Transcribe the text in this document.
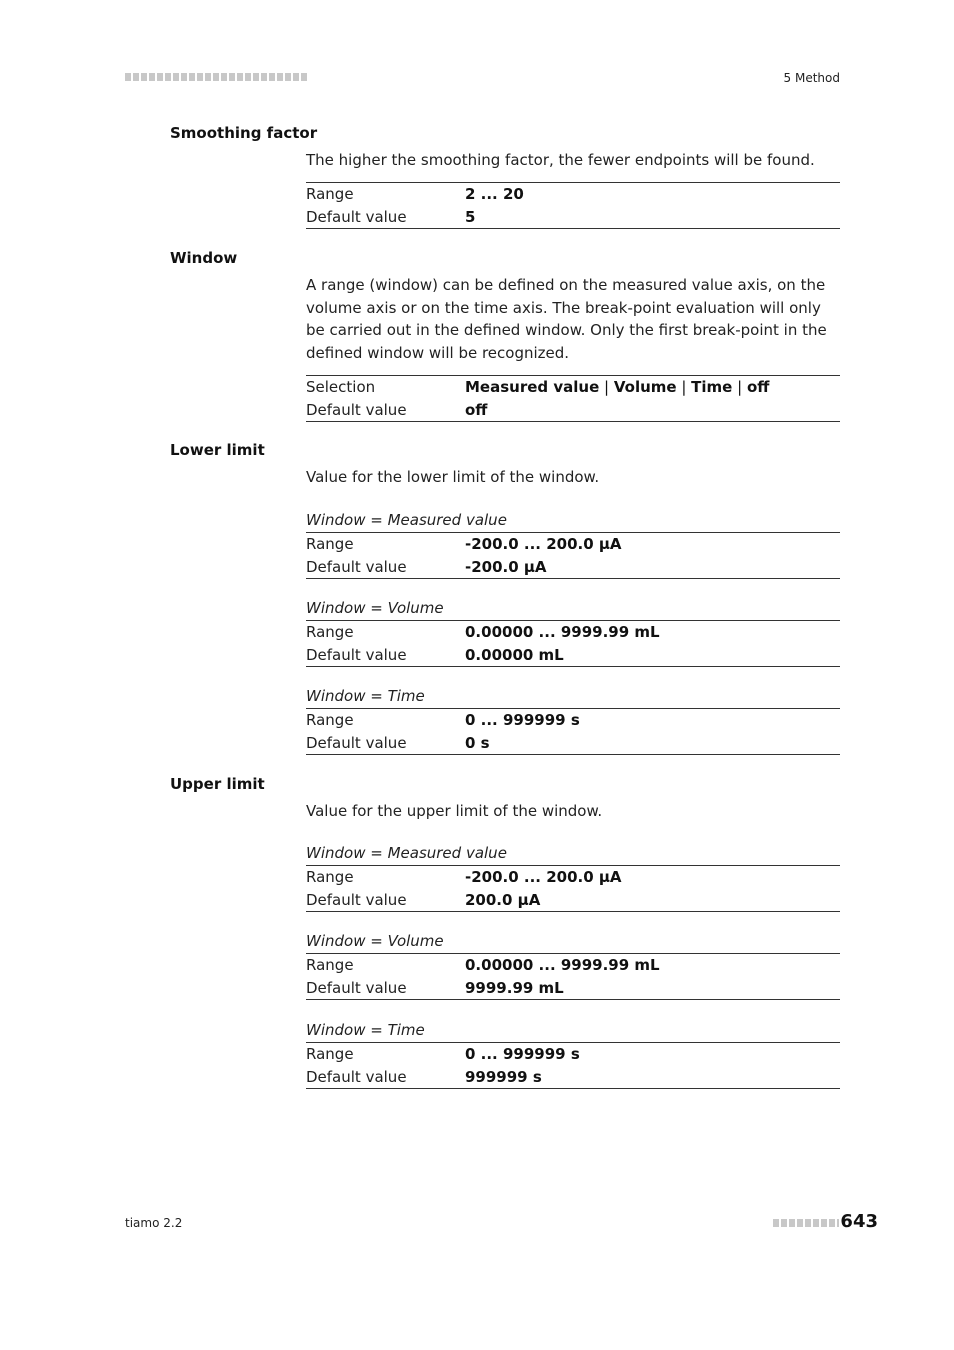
5 Method
Smoothing factor
The higher the smoothing factor, the fewer endpoints will be found.
Range	2 ... 20
Default value	5
Window
A range (window) can be defined on the measured value axis, on the volume axis or on the time axis. The break-point evaluation will only be carried out in the defined window. Only the first break-point in the defined window will be recognized.
Selection	Measured value | Volume | Time | off
Default value	off
Lower limit
Value for the lower limit of the window.
Window = Measured value
Range	-200.0 ... 200.0 µA
Default value	-200.0 µA
Window = Volume
Range	0.00000 ... 9999.99 mL
Default value	0.00000 mL
Window = Time
Range	0 ... 999999 s
Default value	0 s
Upper limit
Value for the upper limit of the window.
Window = Measured value
Range	-200.0 ... 200.0 µA
Default value	200.0 µA
Window = Volume
Range	0.00000 ... 9999.99 mL
Default value	9999.99 mL
Window = Time
Range	0 ... 999999 s
Default value	999999 s
tiamo 2.2	643
